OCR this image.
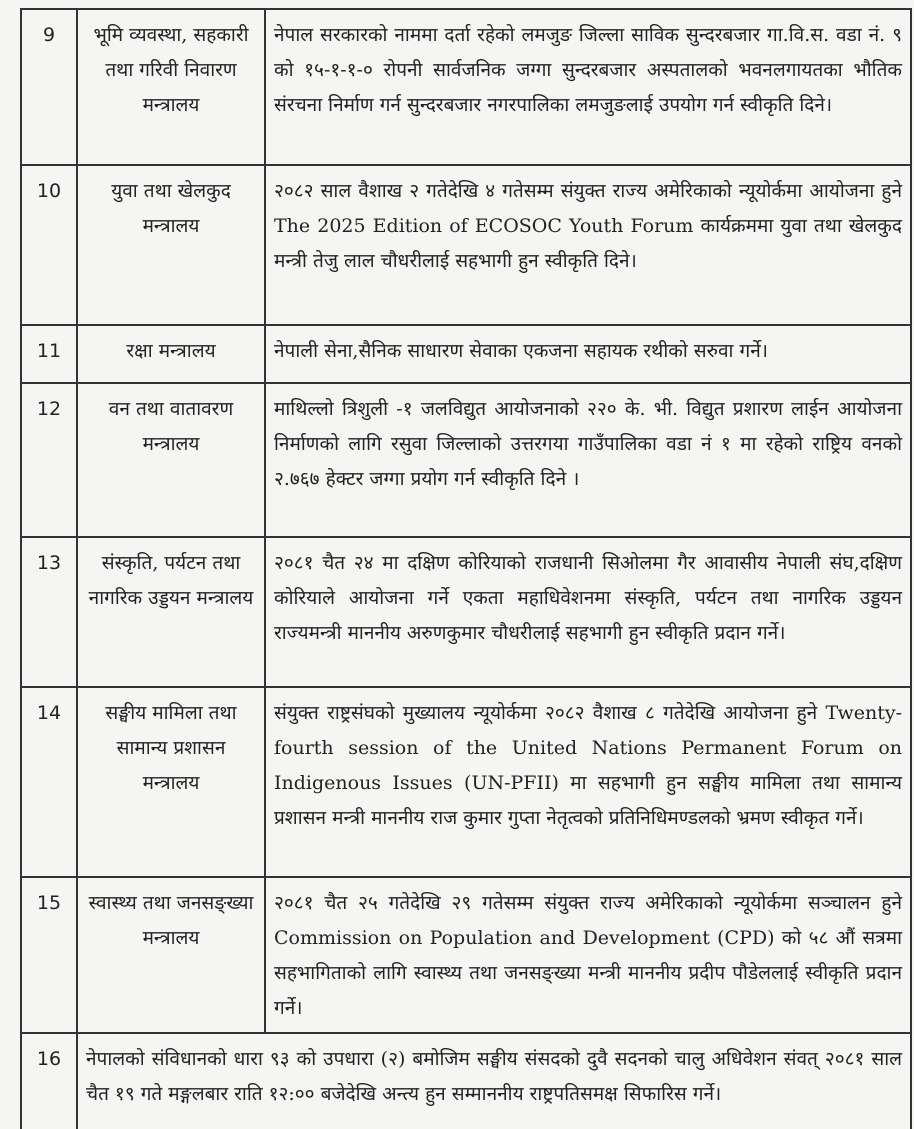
9	भूमि व्यवस्था, सहकारी तथा गरिवी निवारण मन्त्रालय	नेपाल सरकारको नाममा दर्ता रहेको लमजुङ जिल्ला साविक सुन्दरबजार गा.वि.स. वडा नं. ९ को १५-१-१-० रोपनी सार्वजनिक जग्गा सुन्दरबजार अस्पतालको भवनलगायतका भौतिक संरचना निर्माण गर्न सुन्दरबजार नगरपालिका लमजुङलाई उपयोग गर्न स्वीकृति दिने।
10	युवा तथा खेलकुद मन्त्रालय	२०८२ साल वैशाख २ गतेदेखि ४ गतेसम्म संयुक्त राज्य अमेरिकाको न्यूयोर्कमा आयोजना हुने The 2025 Edition of ECOSOC Youth Forum कार्यक्रममा युवा तथा खेलकुद मन्त्री तेजु लाल चौधरीलाई सहभागी हुन स्वीकृति दिने।
11	रक्षा मन्त्रालय	नेपाली सेना,सैनिक साधारण सेवाका एकजना सहायक रथीको सरुवा गर्ने।
12	वन तथा वातावरण मन्त्रालय	माथिल्लो त्रिशुली -१ जलविद्युत आयोजनाको २२० के. भी. विद्युत प्रशारण लाईन आयोजना निर्माणको लागि रसुवा जिल्लाको उत्तरगया गाउँपालिका वडा नं १ मा रहेको राष्ट्रिय वनको २.७६७ हेक्टर जग्गा प्रयोग गर्न स्वीकृति दिने ।
13	संस्कृति, पर्यटन तथा नागरिक उड्डयन मन्त्रालय	२०८१ चैत २४ मा दक्षिण कोरियाको राजधानी सिओलमा गैर आवासीय नेपाली संघ,दक्षिण कोरियाले आयोजना गर्ने एकता महाधिवेशनमा संस्कृति, पर्यटन तथा नागरिक उड्डयन राज्यमन्त्री माननीय अरुणकुमार चौधरीलाई सहभागी हुन स्वीकृति प्रदान गर्ने।
14	सङ्घीय मामिला तथा सामान्य प्रशासन मन्त्रालय	संयुक्त राष्ट्रसंघको मुख्यालय न्यूयोर्कमा २०८२ वैशाख ८ गतेदेखि आयोजना हुने Twenty-fourth session of the United Nations Permanent Forum on Indigenous Issues (UN-PFII) मा सहभागी हुन सङ्घीय मामिला तथा सामान्य प्रशासन मन्त्री माननीय राज कुमार गुप्ता नेतृत्वको प्रतिनिधिमण्डलको भ्रमण स्वीकृत गर्ने।
15	स्वास्थ्य तथा जनसङ्ख्या मन्त्रालय	२०८१ चैत २५ गतेदेखि २९ गतेसम्म संयुक्त राज्य अमेरिकाको न्यूयोर्कमा सञ्चालन हुने Commission on Population and Development (CPD) को ५८ औं सत्रमा सहभागिताको लागि स्वास्थ्य तथा जनसङ्ख्या मन्त्री माननीय प्रदीप पौडेललाई स्वीकृति प्रदान गर्ने।
16	नेपालको संविधानको धारा ९३ को उपधारा (२) बमोजिम सङ्घीय संसदको दुवै सदनको चालु अधिवेशन संवत् २०८१ साल चैत १९ गते मङ्गलबार राति १२:०० बजेदेखि अन्त्य हुन सम्माननीय राष्ट्रपतिसमक्ष सिफारिस गर्ने।	
